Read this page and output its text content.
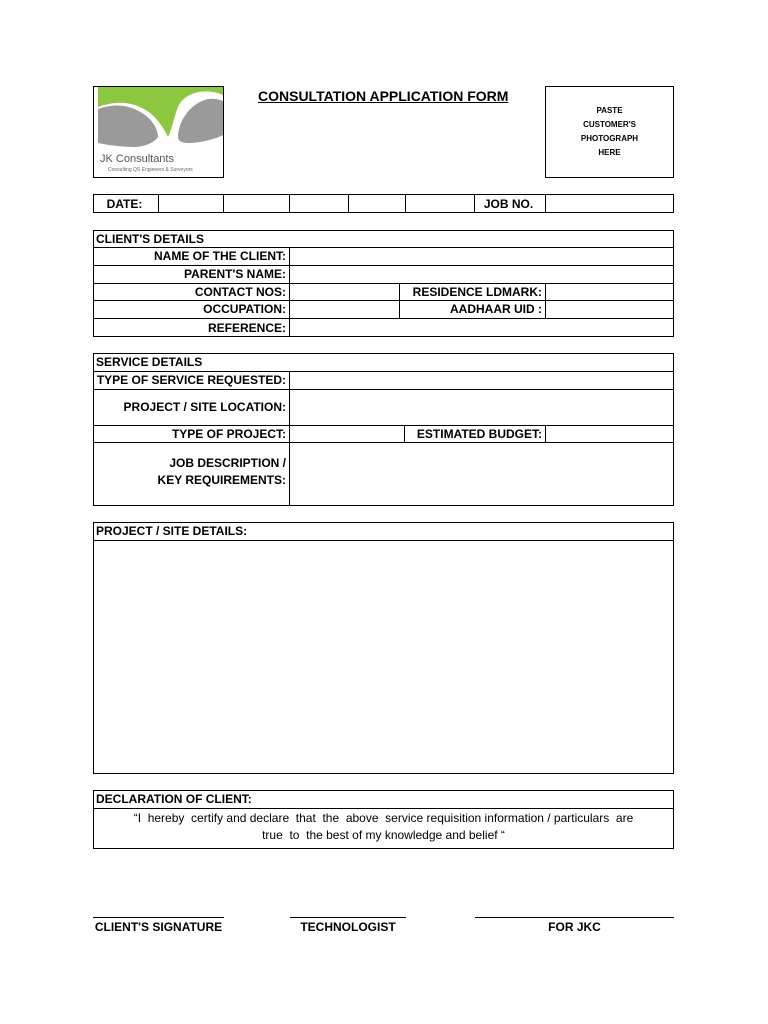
JK Consultants
Consulting QS Engineers & Surveyors
CONSULTATION APPLICATION FORM
PASTE
CUSTOMER'S
PHOTOGRAPH
HERE
DATE:	JOB NO.
CLIENT'S DETAILS
NAME OF THE CLIENT:
PARENT'S NAME:
CONTACT NOS:	RESIDENCE LDMARK:
OCCUPATION:	AADHAAR UID :
REFERENCE:
SERVICE DETAILS
TYPE OF SERVICE REQUESTED:
PROJECT / SITE LOCATION:
TYPE OF PROJECT:	ESTIMATED BUDGET:
JOB DESCRIPTION /
KEY REQUIREMENTS:
PROJECT / SITE DETAILS:
DECLARATION OF CLIENT:
“I  hereby  certify and declare  that  the  above  service requisition information / particulars  are
true  to  the best of my knowledge and belief “
CLIENT'S SIGNATURE	TECHNOLOGIST	FOR JKC
